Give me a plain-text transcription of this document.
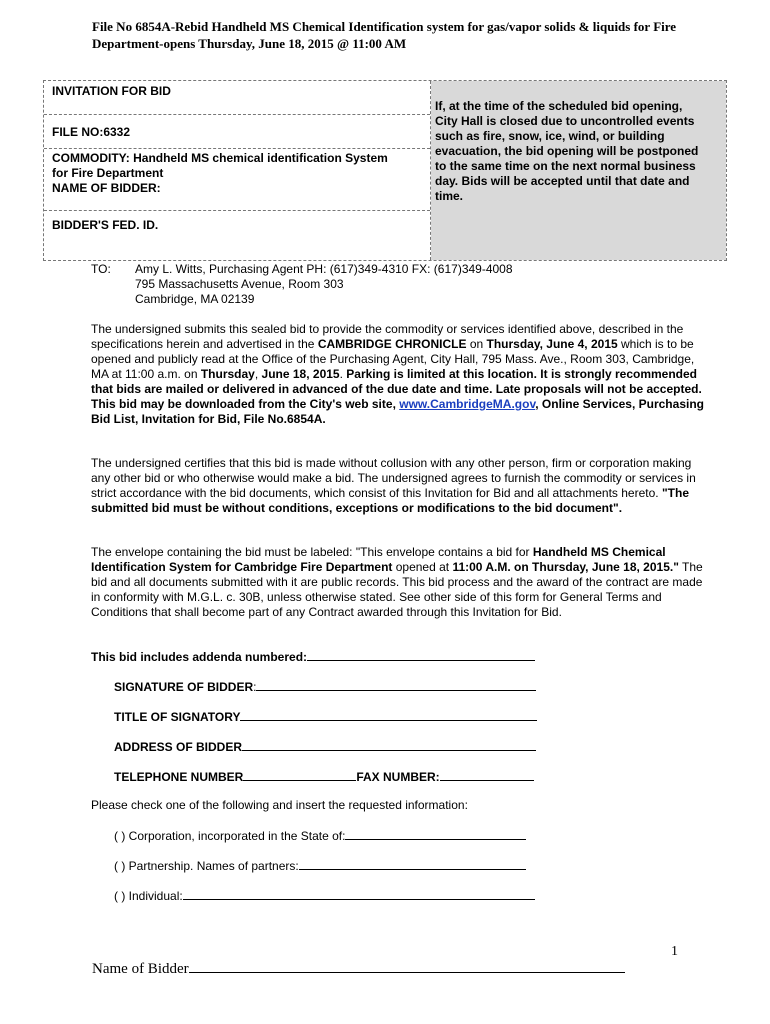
File No 6854A-Rebid Handheld MS Chemical Identification system for gas/vapor solids & liquids for Fire
Department-opens Thursday, June 18, 2015 @ 11:00 AM
INVITATION FOR BID
FILE NO:6332
COMMODITY: Handheld MS chemical identification System
for Fire Department
NAME OF BIDDER:
BIDDER'S FED. ID.
If, at the time of the scheduled bid opening,
City Hall is closed due to uncontrolled events
such as fire, snow, ice, wind, or building
evacuation, the bid opening will be postponed
to the same time on the next normal business
day. Bids will be accepted until that date and
time.
TO:	Amy L. Witts, Purchasing Agent PH: (617)349-4310 FX: (617)349-4008
795 Massachusetts Avenue, Room 303
Cambridge, MA 02139
The undersigned submits this sealed bid to provide the commodity or services identified above, described in the specifications herein and advertised in the CAMBRIDGE CHRONICLE on Thursday, June 4, 2015 which is to be opened and publicly read at the Office of the Purchasing Agent, City Hall, 795 Mass. Ave., Room 303, Cambridge, MA at 11:00 a.m. on Thursday, June 18, 2015. Parking is limited at this location. It is strongly recommended that bids are mailed or delivered in advanced of the due date and time. Late proposals will not be accepted. This bid may be downloaded from the City's web site, www.CambridgeMA.gov, Online Services, Purchasing Bid List, Invitation for Bid, File No.6854A.
The undersigned certifies that this bid is made without collusion with any other person, firm or corporation making any other bid or who otherwise would make a bid. The undersigned agrees to furnish the commodity or services in strict accordance with the bid documents, which consist of this Invitation for Bid and all attachments hereto. "The submitted bid must be without conditions, exceptions or modifications to the bid document".
The envelope containing the bid must be labeled: "This envelope contains a bid for Handheld MS Chemical Identification System for Cambridge Fire Department opened at 11:00 A.M. on Thursday, June 18, 2015." The bid and all documents submitted with it are public records. This bid process and the award of the contract are made in conformity with M.G.L. c. 30B, unless otherwise stated. See other side of this form for General Terms and Conditions that shall become part of any Contract awarded through this Invitation for Bid.
This bid includes addenda numbered:
SIGNATURE OF BIDDER:
TITLE OF SIGNATORY
ADDRESS OF BIDDER
TELEPHONE NUMBER	FAX NUMBER:
Please check one of the following and insert the requested information:
( ) Corporation, incorporated in the State of:
( ) Partnership. Names of partners:
( ) Individual:
1
Name of Bidder
